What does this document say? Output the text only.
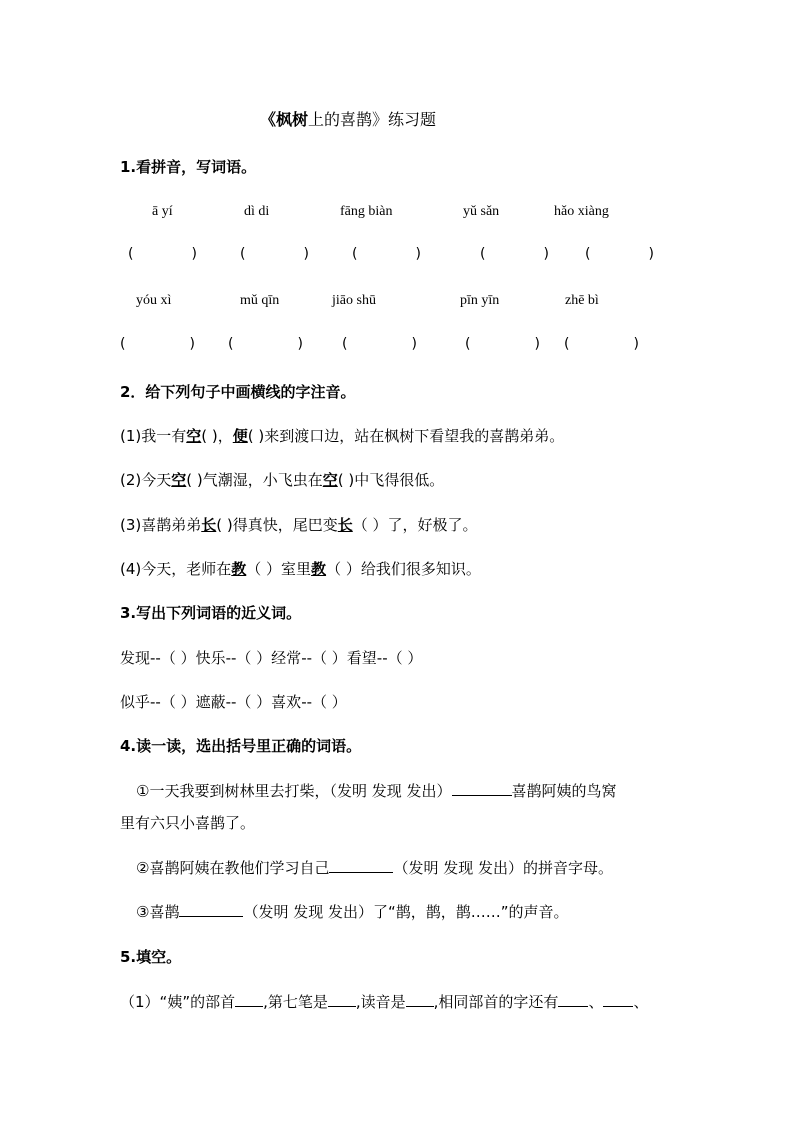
《枫树上的喜鹊》练习题
1.看拼音，写词语。
ā yí	dì di	fāng biàn	yǔ sǎn	hǎo xiàng
(	)	(	)	(	)	(	)	(	)
yóu xì	mǔ qīn	jiāo shū	pīn yīn	zhē bì
(	) (	)	(	)	(	) (	)
2．给下列句子中画横线的字注音。
(1)我一有空( )，便( )来到渡口边，站在枫树下看望我的喜鹊弟弟。
(2)今天空( )气潮湿，小飞虫在空( )中飞得很低。
(3)喜鹊弟弟长( )得真快，尾巴变长（ ）了，好极了。
(4)今天，老师在教（ ）室里教（ ）给我们很多知识。
3.写出下列词语的近义词。
发现--（ ）快乐--（ ）经常--（ ）看望--（ ）
似乎--（ ）遮蔽--（ ）喜欢--（ ）
4.读一读，选出括号里正确的词语。
①一天我要到树林里去打柴，（发明 发现 发出）	喜鹊阿姨的鸟窝
里有六只小喜鹊了。
②喜鹊阿姨在教他们学习自己	（发明 发现 发出）的拼音字母。
③喜鹊	（发明 发现 发出）了“鹊，鹊，鹊……”的声音。
5.填空。
（1）“姨”的部首 ,第七笔是 ,读音是 ,相同部首的字还有 、 、
